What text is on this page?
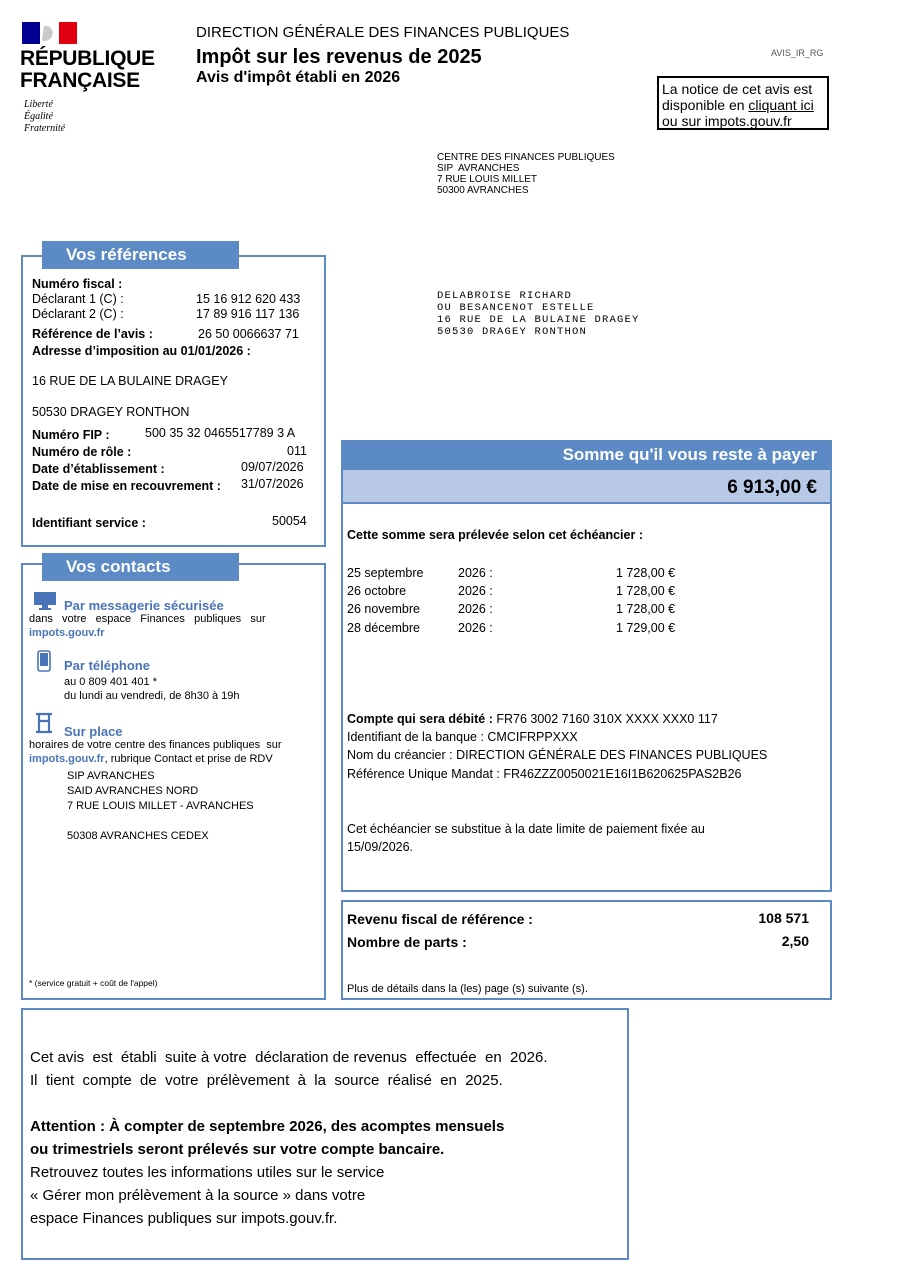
RÉPUBLIQUE
FRANÇAISE
Liberté
Égalité
Fraternité
DIRECTION GÉNÉRALE DES FINANCES PUBLIQUES
Impôt sur les revenus de 2025
Avis d'impôt établi en 2026
AVIS_IR_RG
La notice de cet avis est
disponible en cliquant ici
ou sur impots.gouv.fr
CENTRE DES FINANCES PUBLIQUES
SIP  AVRANCHES
7 RUE LOUIS MILLET
50300 AVRANCHES
DELABROISE RICHARD
OU BESANCENOT ESTELLE
16 RUE DE LA BULAINE DRAGEY
50530 DRAGEY RONTHON
Vos références
Numéro fiscal :
Déclarant 1 (C) :	15 16 912 620 433
Déclarant 2 (C) :	17 89 916 117 136
Référence de l’avis :	26 50 0066637 71
Adresse d’imposition au 01/01/2026 :
16 RUE DE LA BULAINE DRAGEY
50530 DRAGEY RONTHON
Numéro FIP :	500 35 32 0465517789 3 A
Numéro de rôle :	011
Date d’établissement :	09/07/2026
Date de mise en recouvrement : 31/07/2026
Identifiant service :	50054
Vos contacts
Par messagerie sécurisée
dans   votre   espace   Finances   publiques   sur
impots.gouv.fr
Par téléphone
au 0 809 401 401 *
du lundi au vendredi, de 8h30 à 19h
Sur place
horaires de votre centre des finances publiques  sur
impots.gouv.fr, rubrique Contact et prise de RDV
SIP AVRANCHES
SAID AVRANCHES NORD
7 RUE LOUIS MILLET - AVRANCHES
50308 AVRANCHES CEDEX
* (service gratuit + coût de l'appel)
Somme qu'il vous reste à payer
6 913,00 €
Cette somme sera prélevée selon cet échéancier :
25 septembre	2026 :	1 728,00 €
26 octobre	2026 :	1 728,00 €
26 novembre	2026 :	1 728,00 €
28 décembre	2026 :	1 729,00 €
Compte qui sera débité : FR76 3002 7160 310X XXXX XXX0 117
Identifiant de la banque : CMCIFRPPXXX
Nom du créancier : DIRECTION GÉNÉRALE DES FINANCES PUBLIQUES
Référence Unique Mandat : FR46ZZZ0050021E16I1B620625PAS2B26
Cet échéancier se substitue à la date limite de paiement fixée au
15/09/2026.
Revenu fiscal de référence :	108 571
Nombre de parts :	2,50
Plus de détails dans la (les) page (s) suivante (s).
Cet avis  est  établi  suite à votre  déclaration de revenus  effectuée  en  2026.
Il  tient  compte  de  votre  prélèvement  à  la  source  réalisé  en  2025.
Attention : À compter de septembre 2026, des acomptes mensuels
ou trimestriels seront prélevés sur votre compte bancaire.
Retrouvez toutes les informations utiles sur le service
« Gérer mon prélèvement à la source » dans votre
espace Finances publiques sur impots.gouv.fr.
